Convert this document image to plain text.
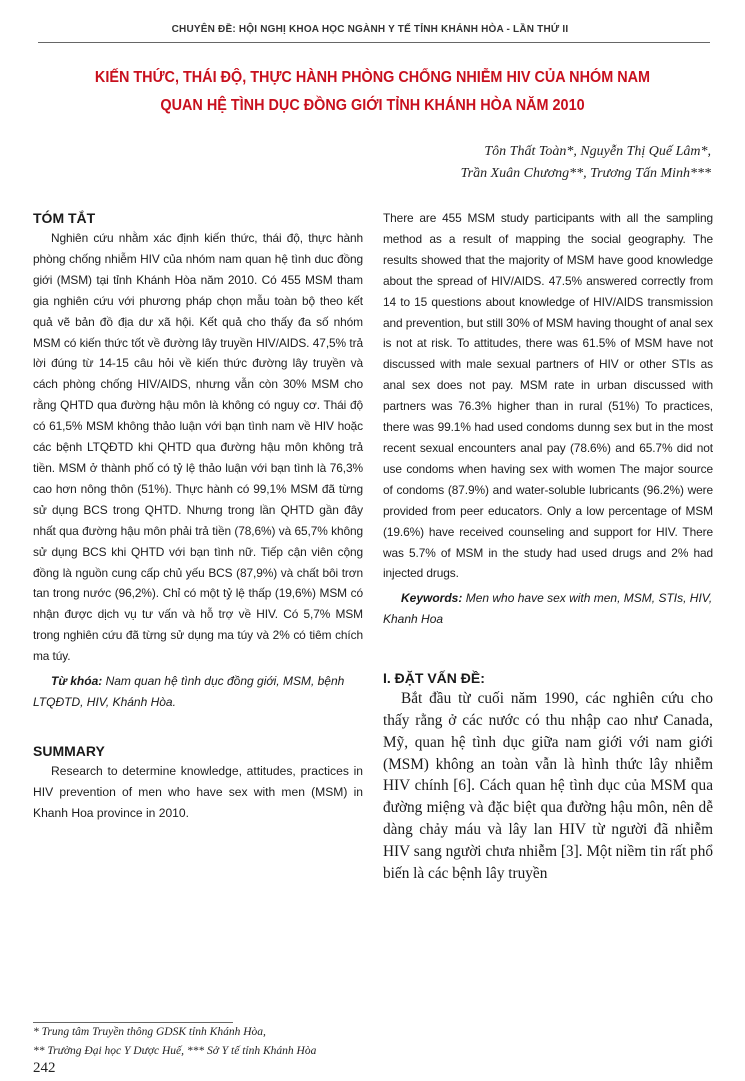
CHUYÊN ĐỀ: HỘI NGHỊ KHOA HỌC NGÀNH Y TẾ TỈNH KHÁNH HÒA - LẦN THỨ II
KIẾN THỨC, THÁI ĐỘ, THỰC HÀNH PHÒNG CHỐNG NHIỄM HIV CỦA NHÓM NAM
QUAN HỆ TÌNH DỤC ĐỒNG GIỚI TỈNH KHÁNH HÒA NĂM 2010
Tôn Thất Toàn*, Nguyễn Thị Quế Lâm*,
Trần Xuân Chương**, Trương Tấn Minh***
TÓM TẮT

Nghiên cứu nhằm xác định kiến thức, thái độ, thực hành phòng chống nhiễm HIV của nhóm nam quan hệ tình duc đồng giới (MSM) tại tỉnh Khánh Hòa năm 2010. Có 455 MSM tham gia nghiên cứu với phương pháp chọn mẫu toàn bộ theo kết quả vẽ bản đồ địa dư xã hội. Kết quả cho thấy đa số nhóm MSM có kiến thức tốt về đường lây truyền HIV/AIDS. 47,5% trả lời đúng từ 14-15 câu hỏi về kiến thức đường lây truyền và cách phòng chống HIV/AIDS, nhưng vẫn còn 30% MSM cho rằng QHTD qua đường hậu môn là không có nguy cơ. Thái độ có 61,5% MSM không thảo luận với bạn tình nam về HIV hoặc các bệnh LTQĐTD khi QHTD qua đường hậu môn không trả tiền. MSM ở thành phố có tỷ lệ thảo luận với bạn tình là 76,3% cao hơn nông thôn (51%). Thực hành có 99,1% MSM đã từng sử dụng BCS trong QHTD. Nhưng trong lần QHTD gần đây nhất qua đường hậu môn phải trả tiền (78,6%) và 65,7% không sử dụng BCS khi QHTD với bạn tình nữ. Tiếp cận viên cộng đồng là nguồn cung cấp chủ yếu BCS (87,9%) và chất bôi trơn tan trong nước (96,2%). Chỉ có một tỷ lệ thấp (19,6%) MSM có nhận được dịch vụ tư vấn và hỗ trợ về HIV. Có 5,7% MSM trong nghiên cứu đã từng sử dụng ma túy và 2% có tiêm chích ma túy.

Từ khóa: Nam quan hệ tình dục đồng giới, MSM, bệnh LTQĐTD, HIV, Khánh Hòa.

SUMMARY

Research to determine knowledge, attitudes, practices in HIV prevention of men who have sex with men (MSM) in Khanh Hoa province in 2010.

There are 455 MSM study participants with all the sampling method as a result of mapping the social geography. The results showed that the majority of MSM have good knowledge about the spread of HIV/AIDS. 47.5% answered correctly from 14 to 15 questions about knowledge of HIV/AIDS transmission and prevention, but still 30% of MSM having thought of anal sex is not at risk. To attitudes, there was 61.5% of MSM have not discussed with male sexual partners of HIV or other STIs as anal sex does not pay. MSM rate in urban discussed with partners was 76.3% higher than in rural (51%) To practices, there was 99.1% had used condoms dunng sex but in the most recent sexual encounters anal pay (78.6%) and 65.7% did not use condoms when having sex with women The major source of condoms (87.9%) and water-soluble lubricants (96.2%) were provided from peer educators. Only a low percentage of MSM (19.6%) have received counseling and support for HIV. There was 5.7% of MSM in the study had used drugs and 2% had injected drugs.

Keywords: Men who have sex with men, MSM, STIs, HIV, Khanh Hoa

I. ĐẶT VẤN ĐỀ:

Bắt đầu từ cuối năm 1990, các nghiên cứu cho thấy rằng ở các nước có thu nhập cao như Canada, Mỹ, quan hệ tình dục giữa nam giới với nam giới (MSM) không an toàn vẫn là hình thức lây nhiễm HIV chính [6]. Cách quan hệ tình dục của MSM qua đường miệng và đặc biệt qua đường hậu môn, nên dễ dàng chảy máu và lây lan HIV từ người đã nhiễm HIV sang người chưa nhiễm [3]. Một niềm tin rất phổ biến là các bệnh lây truyền

* Trung tâm Truyền thông GDSK tỉnh Khánh Hòa,
** Trường Đại học Y Dược Huế, *** Sở Y tế tỉnh Khánh Hòa
242
